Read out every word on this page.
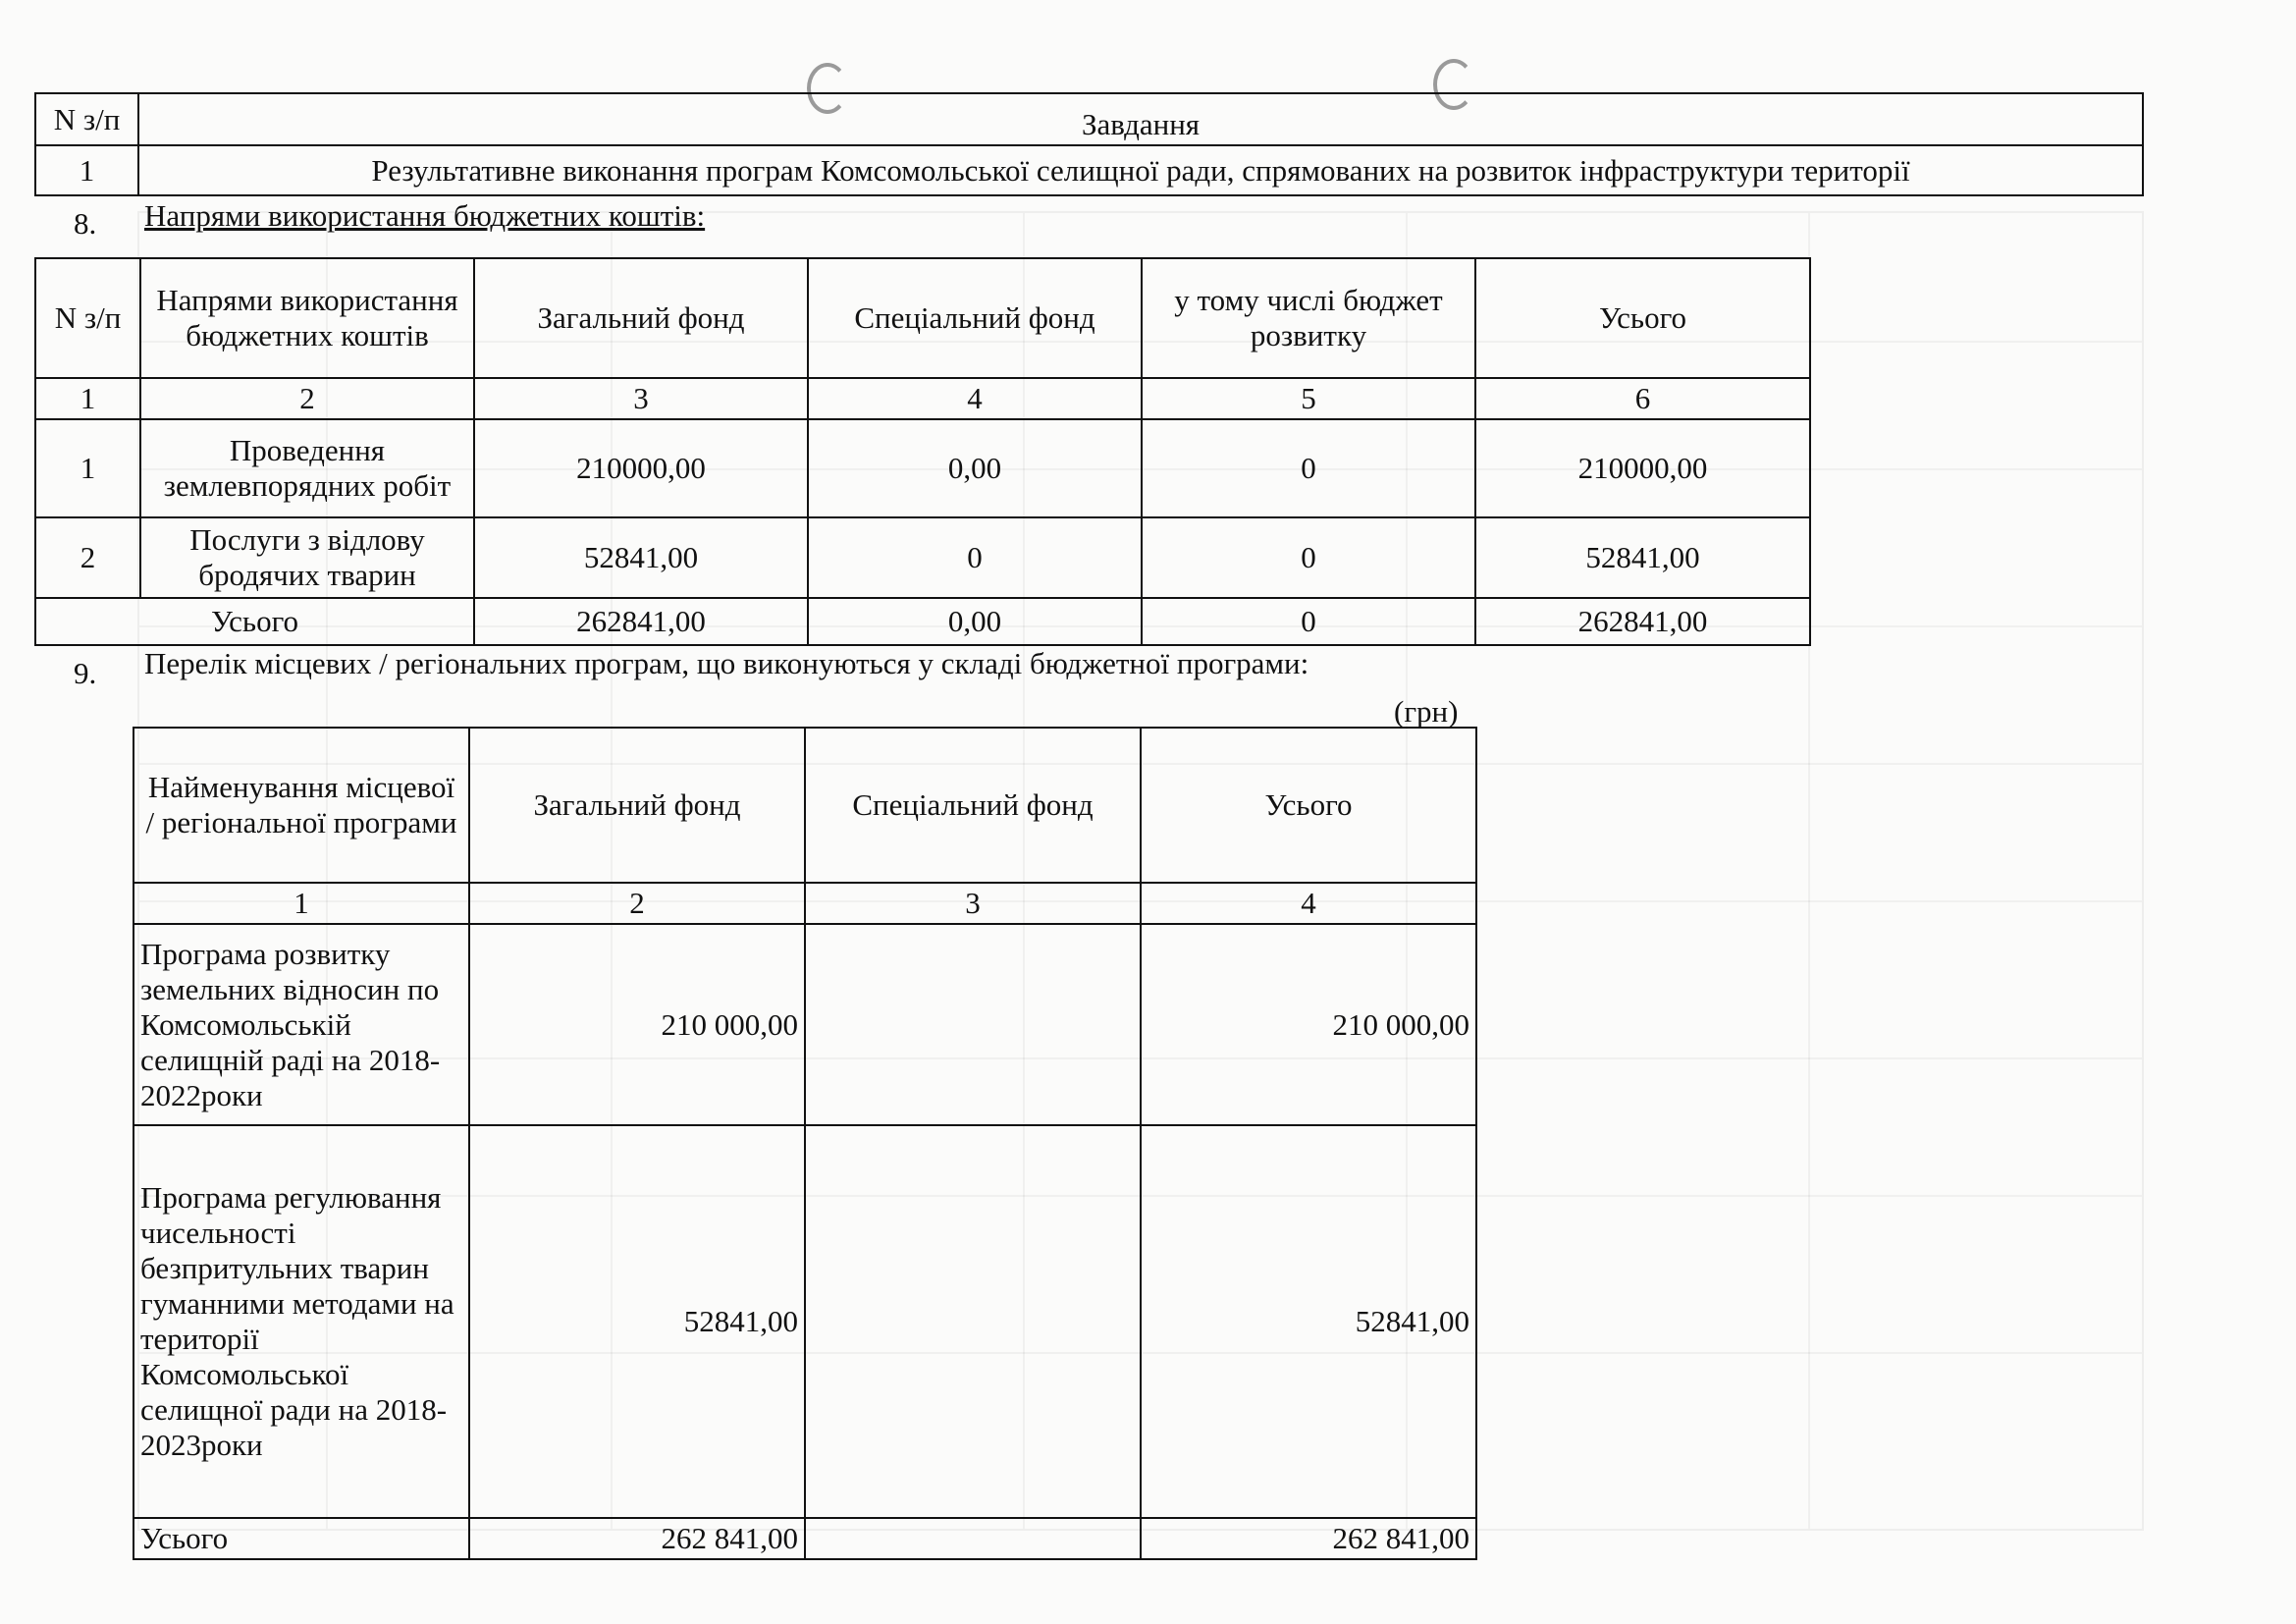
N з/п	Завдання
1	Результативне виконання програм Комсомольської селищної ради, спрямованих на розвиток інфраструктури території
8. Напрями використання бюджетних коштів:
N з/п	Напрями використання бюджетних коштів	Загальний фонд	Спеціальний фонд	у тому числі бюджет розвитку	Усього
1	2	3	4	5	6
1	Проведення землевпорядних робіт	210000,00	0,00	0	210000,00
2	Послуги з відлову бродячих тварин	52841,00	0	0	52841,00
Усього		262841,00	0,00	0	262841,00
9. Перелік місцевих / регіональних програм, що виконуються у складі бюджетної програми:
(грн)
Найменування місцевої / регіональної програми	Загальний фонд	Спеціальний фонд	Усього
1	2	3	4
Програма розвитку земельних відносин по Комсомольській селищній раді на 2018-2022роки	210 000,00		210 000,00
Програма регулювання чисельності безпритульних тварин гуманними методами на території Комсомольської селищної ради на 2018-2023роки	52841,00		52841,00
Усього	262 841,00		262 841,00
